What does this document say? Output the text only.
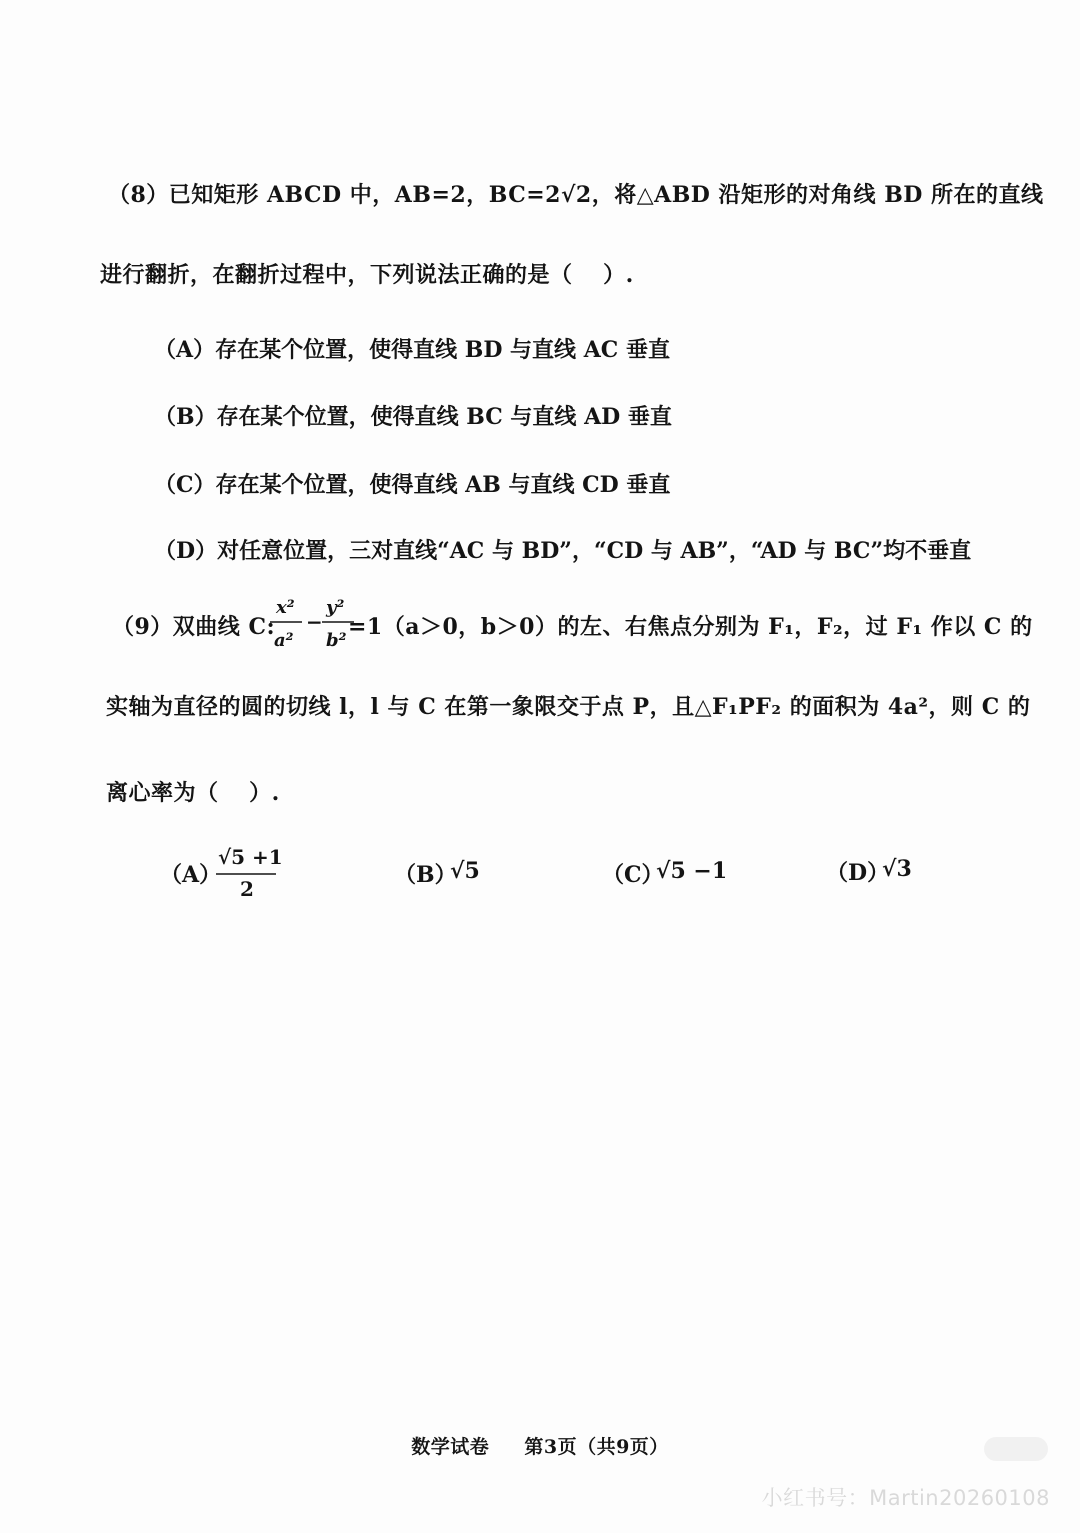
（8）已知矩形 ABCD 中，AB=2，BC=2√2，将△ABD 沿矩形的对角线 BD 所在的直线
进行翻折，在翻折过程中，下列说法正确的是（　 ）.
（A）存在某个位置，使得直线 BD 与直线 AC 垂直
（B）存在某个位置，使得直线 BC 与直线 AD 垂直
（C）存在某个位置，使得直线 AB 与直线 CD 垂直
（D）对任意位置，三对直线“AC 与 BD”，“CD 与 AB”，“AD 与 BC”均不垂直
（9）双曲线 C:
x²
a²
−
y²
b²
=1（a＞0，b＞0）的左、右焦点分别为 F₁，F₂，过 F₁ 作以 C 的
实轴为直径的圆的切线 l，l 与 C 在第一象限交于点 P，且△F₁PF₂ 的面积为 4a²，则 C 的
离心率为（　 ）.
（A）
√5 +1
2
（B）
√5	（C）
√5 −1	（D）
√3
数学试卷 第3页（共9页）
小红书号：Martin20260108
